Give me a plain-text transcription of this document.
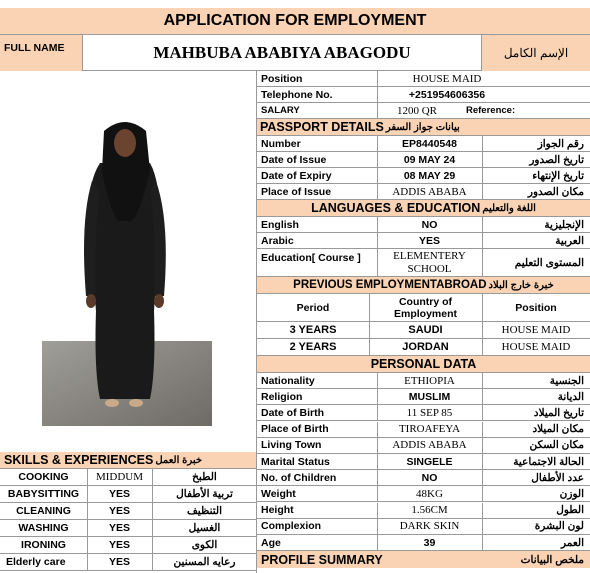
APPLICATION FOR EMPLOYMENT
FULL NAME	MAHBUBA ABABIYA ABAGODU	الإسم الكامل
Position	HOUSE MAID
Telephone No.	+251954606356
SALARY	1200 QR	Reference:
PASSPORT DETAILS بيانات جواز السفر
Number	EP8440548	رقم الجواز
Date of Issue	09 MAY 24	تاريخ الصدور
Date of Expiry	08 MAY 29	تاريخ الإنتهاء
Place of Issue	ADDIS ABABA	مكان الصدور
LANGUAGES & EDUCATION اللغة والتعليم
English	NO	الإنجليزية
Arabic	YES	العربية
Education[ Course ]	ELEMENTERY SCHOOL	المستوى التعليم
PREVIOUS EMPLOYMENTABROAD خبرة خارج البلاد
Period	Country of Employment	Position
3 YEARS	SAUDI	HOUSE MAID
2 YEARS	JORDAN	HOUSE MAID
PERSONAL DATA
Nationality	ETHIOPIA	الجنسية
Religion	MUSLIM	الديانة
Date of Birth	11 SEP 85	تاريخ الميلاد
Place of Birth	TIROAFEYA	مكان الميلاد
Living Town	ADDIS ABABA	مكان السكن
Marital Status	SINGELE	الحالة الاجتماعية
No. of Children	NO	عدد الأطفال
Weight	48KG	الوزن
Height	1.56CM	الطول
Complexion	DARK SKIN	لون البشرة
Age	39	العمر
PROFILE SUMMARY	ملخص البيانات
SKILLS & EXPERIENCES خبرة العمل
COOKING	MIDDUM	الطبخ
BABYSITTING	YES	تربية الأطفال
CLEANING	YES	التنظيف
WASHING	YES	الغسيل
IRONING	YES	الكوى
Elderly care	YES	رعايه المسنين
